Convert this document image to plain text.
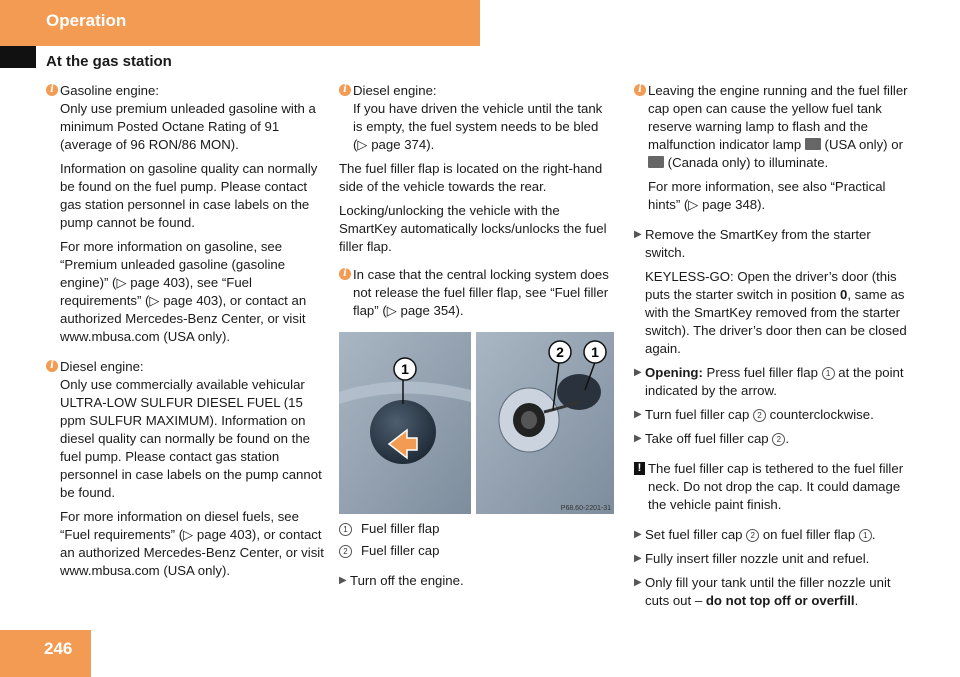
Operation
At the gas station
i Gasoline engine:
Only use premium unleaded gasoline with a minimum Posted Octane Rating of 91 (average of 96 RON/86 MON).

Information on gasoline quality can normally be found on the fuel pump. Please contact gas station personnel in case labels on the pump cannot be found.

For more information on gasoline, see “Premium unleaded gasoline (gasoline engine)” (▷ page 403), see “Fuel requirements” (▷ page 403), or contact an authorized Mercedes-Benz Center, or visit www.mbusa.com (USA only).

i Diesel engine:
Only use commercially available vehicular ULTRA-LOW SULFUR DIESEL FUEL (15 ppm SULFUR MAXIMUM). Information on diesel quality can normally be found on the fuel pump. Please contact gas station personnel in case labels on the pump cannot be found.

For more information on diesel fuels, see “Fuel requirements” (▷ page 403), or contact an authorized Mercedes-Benz Center, or visit www.mbusa.com (USA only).

i Diesel engine:
If you have driven the vehicle until the tank is empty, the fuel system needs to be bled (▷ page 374).

The fuel filler flap is located on the right-hand side of the vehicle towards the rear.

Locking/unlocking the vehicle with the SmartKey automatically locks/unlocks the fuel filler flap.

i In case that the central locking system does not release the fuel filler flap, see “Fuel filler flap” (▷ page 354).

1
2 1
P68.60-2201-31
1	Fuel filler flap
2	Fuel filler cap
▶ Turn off the engine.
i Leaving the engine running and the fuel filler cap open can cause the yellow fuel tank reserve warning lamp to flash and the malfunction indicator lamp (USA only) or  (Canada only) to illuminate.

For more information, see also “Practical hints” (▷ page 348).

▶ Remove the SmartKey from the starter switch.

KEYLESS-GO: Open the driver’s door (this puts the starter switch in position 0, same as with the SmartKey removed from the starter switch). The driver’s door then can be closed again.

▶ Opening: Press fuel filler flap 1 at the point indicated by the arrow.
▶ Turn fuel filler cap 2 counterclockwise.
▶ Take off fuel filler cap 2 .
! The fuel filler cap is tethered to the fuel filler neck. Do not drop the cap. It could damage the vehicle paint finish.

▶ Set fuel filler cap 2 on fuel filler flap 1 .
▶ Fully insert filler nozzle unit and refuel.
▶ Only fill your tank until the filler nozzle unit cuts out – do not top off or overfill.
246
